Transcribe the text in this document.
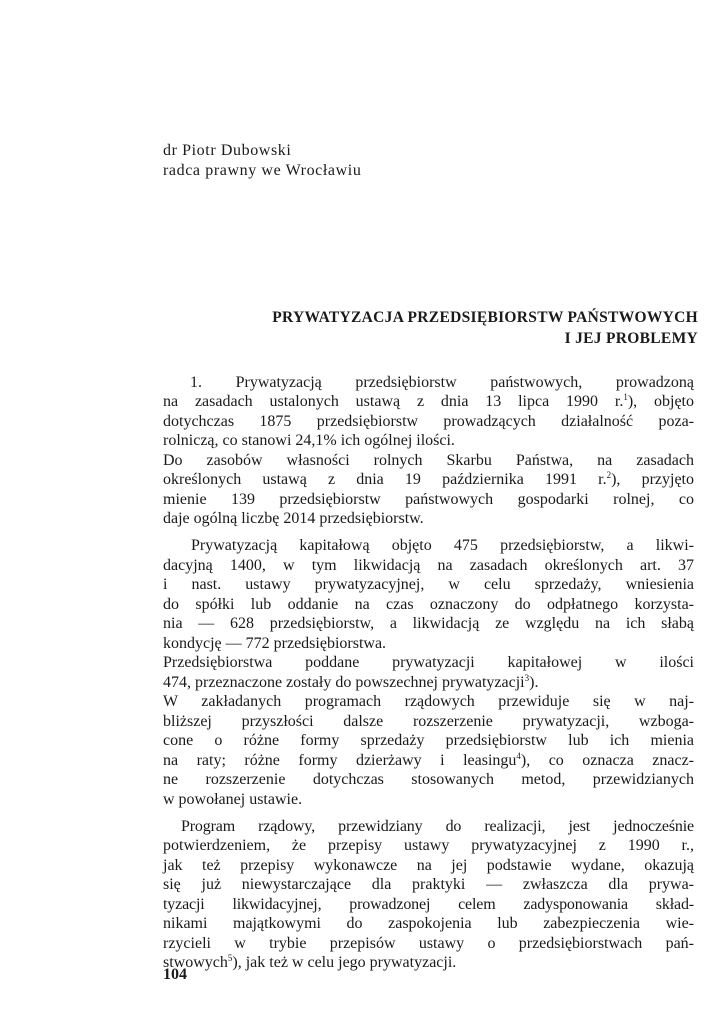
dr Piotr Dubowski
radca prawny we Wrocławiu
PRYWATYZACJA PRZEDSIĘBIORSTW PAŃSTWOWYCH
I JEJ PROBLEMY
1. Prywatyzacją przedsiębiorstw państwowych, prowadzoną
na zasadach ustalonych ustawą z dnia 13 lipca 1990 r.$^1$), objęto
dotychczas 1875 przedsiębiorstw prowadzących działalność poza-
rolniczą, co stanowi 24,1% ich ogólnej ilości.
Do zasobów własności rolnych Skarbu Państwa, na zasadach
określonych ustawą z dnia 19 października 1991 r.$^2$), przyjęto
mienie 139 przedsiębiorstw państwowych gospodarki rolnej, co
daje ogólną liczbę 2014 przedsiębiorstw.
Prywatyzacją kapitałową objęto 475 przedsiębiorstw, a likwi-
dacyjną 1400, w tym likwidacją na zasadach określonych art. 37
i nast. ustawy prywatyzacyjnej, w celu sprzedaży, wniesienia
do spółki lub oddanie na czas oznaczony do odpłatnego korzysta-
nia — 628 przedsiębiorstw, a likwidacją ze względu na ich słabą
kondycję — 772 przedsiębiorstwa.
Przedsiębiorstwa poddane prywatyzacji kapitałowej w ilości
474, przeznaczone zostały do powszechnej prywatyzacji$^3$).
W zakładanych programach rządowych przewiduje się w naj-
bliższej przyszłości dalsze rozszerzenie prywatyzacji, wzboga-
cone o różne formy sprzedaży przedsiębiorstw lub ich mienia
na raty; różne formy dzierżawy i leasingu$^4$), co oznacza znacz-
ne rozszerzenie dotychczas stosowanych metod, przewidzianych
w powołanej ustawie.
Program rządowy, przewidziany do realizacji, jest jednocześnie
potwierdzeniem, że przepisy ustawy prywatyzacyjnej z 1990 r.,
jak też przepisy wykonawcze na jej podstawie wydane, okazują
się już niewystarczające dla praktyki — zwłaszcza dla prywa-
tyzacji likwidacyjnej, prowadzonej celem zadysponowania skład-
nikami majątkowymi do zaspokojenia lub zabezpieczenia wie-
rzycieli w trybie przepisów ustawy o przedsiębiorstwach pań-
stwowych$^5$), jak też w celu jego prywatyzacji.
104
